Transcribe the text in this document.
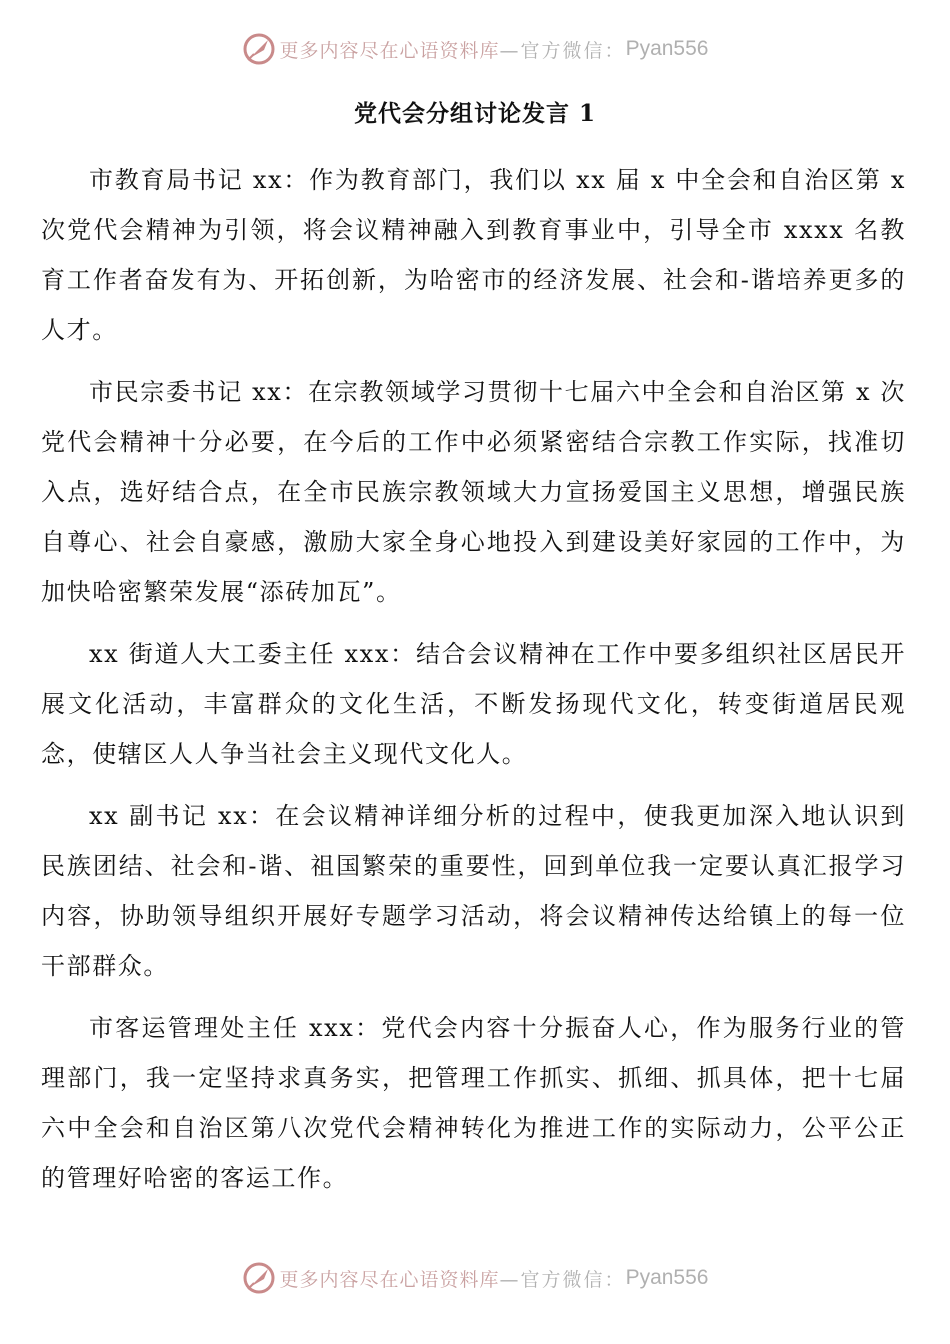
更多内容尽在心语资料库 —官方微信： Pyan556
党代会分组讨论发言 1

市教育局书记 xx：作为教育部门，我们以 xx 届 x 中全会和自治区第 x 次党代会精神为引领，将会议精神融入到教育事业中，引导全市 xxxx 名教育工作者奋发有为、开拓创新，为哈密市的经济发展、社会和-谐培养更多的人才。

市民宗委书记 xx：在宗教领域学习贯彻十七届六中全会和自治区第 x 次党代会精神十分必要，在今后的工作中必须紧密结合宗教工作实际，找准切入点，选好结合点，在全市民族宗教领域大力宣扬爱国主义思想，增强民族自尊心、社会自豪感，激励大家全身心地投入到建设美好家园的工作中，为加快哈密繁荣发展“添砖加瓦”。

xx 街道人大工委主任 xxx：结合会议精神在工作中要多组织社区居民开展文化活动，丰富群众的文化生活，不断发扬现代文化，转变街道居民观念，使辖区人人争当社会主义现代文化人。

xx 副书记 xx：在会议精神详细分析的过程中，使我更加深入地认识到民族团结、社会和-谐、祖国繁荣的重要性，回到单位我一定要认真汇报学习内容，协助领导组织开展好专题学习活动，将会议精神传达给镇上的每一位干部群众。

市客运管理处主任 xxx：党代会内容十分振奋人心，作为服务行业的管理部门，我一定坚持求真务实，把管理工作抓实、抓细、抓具体，把十七届六中全会和自治区第八次党代会精神转化为推进工作的实际动力，公平公正的管理好哈密的客运工作。

更多内容尽在心语资料库 —官方微信： Pyan556
